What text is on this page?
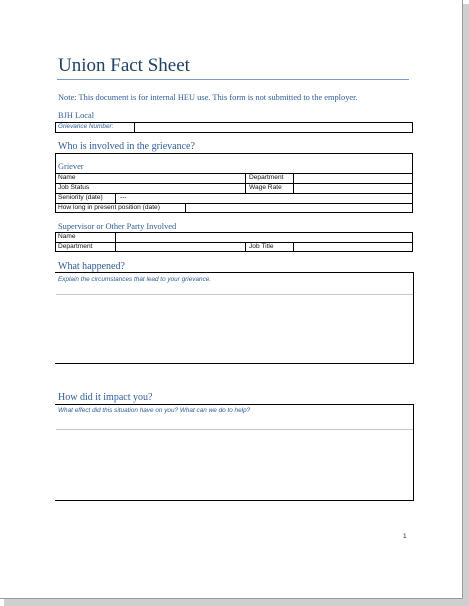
Union Fact Sheet
Note: This document is for internal HEU use. This form is not submitted to the employer.
BJH Local
Grievance Number:
Who is involved in the grievance?
Griever
Name	Department
Job Status	Wage Rate
Seniority (date)	---
How long in present position (date)
Supervisor or Other Party Involved
Name
Department	Job Title
What happened?
Explain the circumstances that lead to your grievance.
How did it impact you?
What effect did this situation have on you? What can we do to help?
1
